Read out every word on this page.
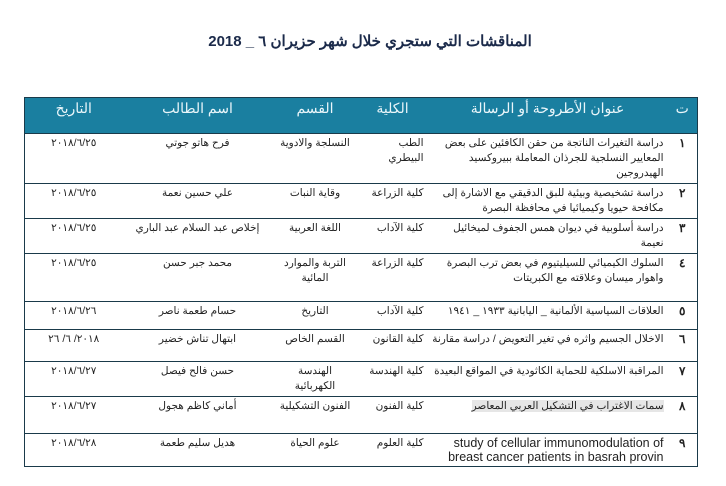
المناقشات التي ستجري خلال شهر حزيران ٦ _ 2018
ت	عنوان الأطروحة أو الرسالة	الكلية	القسم	اسم الطالب	التاريخ
١	دراسة التغيرات الناتجة من حقن الكافئين على بعض المعايير النسلجية للجرذان المعاملة ببيروكسيد الهيدروجين	الطب البيطري	النسلجة والادوية	فرح هاتو جوتي	٢٠١٨/٦/٢٥
٢	دراسة تشخيصية وبيئية للبق الدقيقي مع الاشارة إلى مكافحة حيويا وكيميائيا في محافظة البصرة	كلية الزراعة	وقاية النبات	علي حسين نعمة	٢٠١٨/٦/٢٥
٣	دراسة أسلوبية في ديوان همس الجفوف لميخائيل نعيمة	كلية الآداب	اللغة العربية	إخلاص عبد السلام عبد الباري	٢٠١٨/٦/٢٥
٤	السلوك الكيميائي للسيليتيوم في بعض ترب البصرة واهوار ميسان وعلاقته مع الكبريتات	كلية الزراعة	التربة والموارد المائية	محمد جبر حسن	٢٠١٨/٦/٢٥
٥	العلاقات السياسية الألمانية _ اليابانية ١٩٣٣ _ ١٩٤١	كلية الآداب	التاريخ	حسام طعمة ناصر	٢٠١٨/٦/٢٦
٦	الاخلال الجسيم واثره في تغير التعويض / دراسة مقارنة	كلية القانون	القسم الخاص	ابتهال تناش خضير	٢٠١٨/ ٦/ ٢٦
٧	المراقبة الاسلكية للحماية الكاثودية في المواقع البعيدة	كلية الهندسة	الهندسة الكهربائية	حسن فالح فيصل	٢٠١٨/٦/٢٧
٨	سمات الاغتراب في التشكيل العربي المعاصر	كلية الفنون	الفنون التشكيلية	أماني كاظم هجول	٢٠١٨/٦/٢٧
٩	study of cellular immunomodulation of breast cancer patients in basrah provin	كلية العلوم	علوم الحياة	هديل سليم طعمة	٢٠١٨/٦/٢٨
